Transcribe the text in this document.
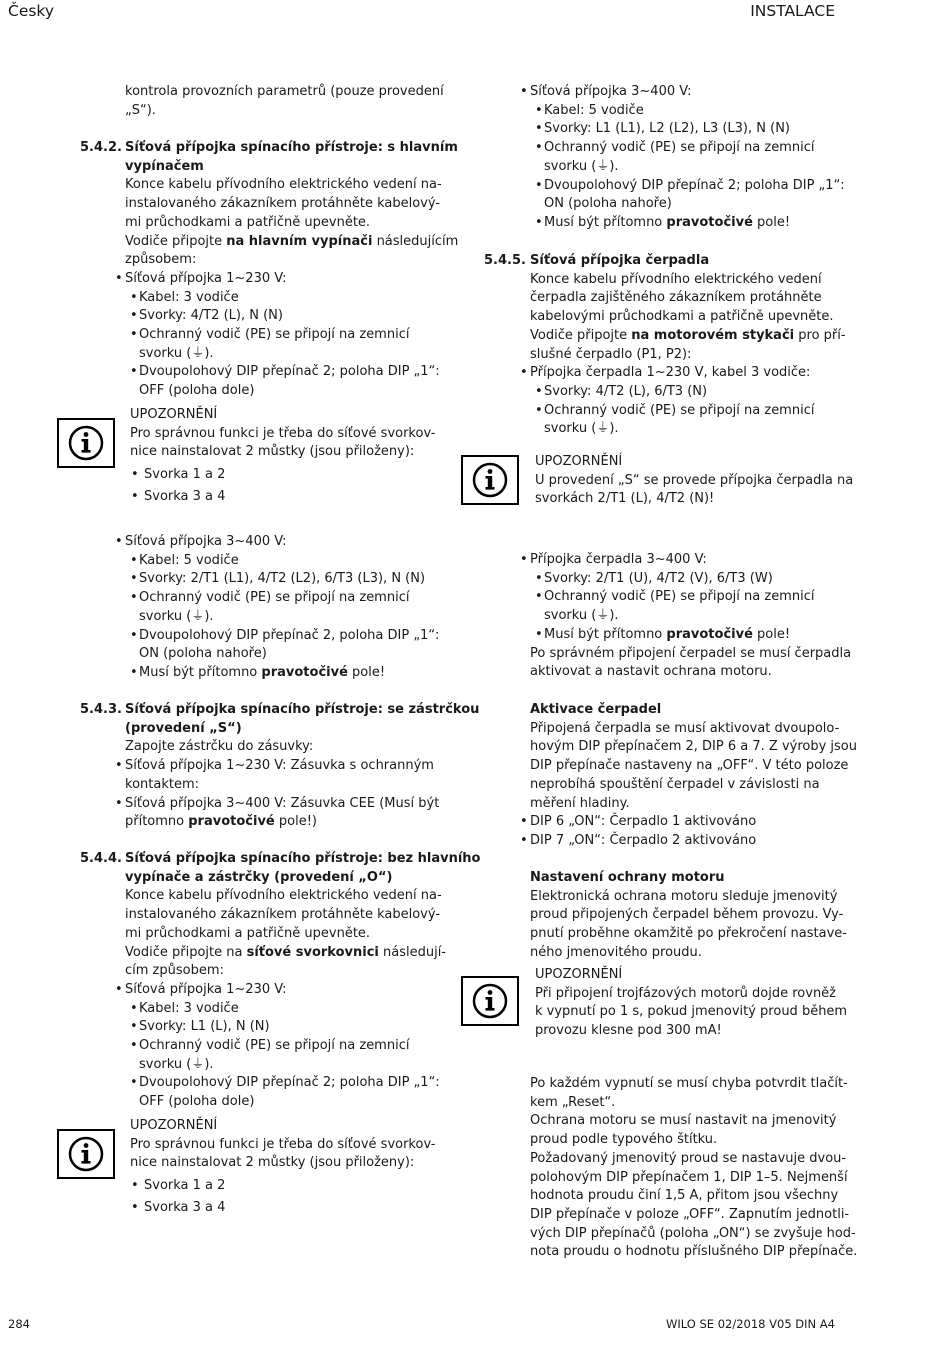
Česky	INSTALACE
284	WILO SE 02/2018 V05 DIN A4
kontrola provozních parametrů (pouze provedení
„S“).
5.4.2. Síťová přípojka spínacího přístroje: s hlavním
vypínačem
Konce kabelu přívodního elektrického vedení na-
instalovaného zákazníkem protáhněte kabelový-
mi průchodkami a patřičně upevněte.
Vodiče připojte na hlavním vypínači následujícím
způsobem:
• Síťová přípojka 1~230 V:
• Kabel: 3 vodiče
• Svorky: 4/T2 (L), N (N)
• Ochranný vodič (PE) se připojí na zemnicí
svorku (⏚).
• Dvoupolohový DIP přepínač 2; poloha DIP „1“:
OFF (poloha dole)
UPOZORNĚNÍ
Pro správnou funkci je třeba do síťové svorkov-
nice nainstalovat 2 můstky (jsou přiloženy):
• Svorka 1 a 2
• Svorka 3 a 4
• Síťová přípojka 3~400 V:
• Kabel: 5 vodiče
• Svorky: 2/T1 (L1), 4/T2 (L2), 6/T3 (L3), N (N)
• Ochranný vodič (PE) se připojí na zemnicí
svorku (⏚).
• Dvoupolohový DIP přepínač 2, poloha DIP „1“:
ON (poloha nahoře)
• Musí být přítomno pravotočivé pole!
5.4.3. Síťová přípojka spínacího přístroje: se zástrčkou
(provedení „S“)
Zapojte zástrčku do zásuvky:
• Síťová přípojka 1~230 V: Zásuvka s ochranným
kontaktem:
• Síťová přípojka 3~400 V: Zásuvka CEE (Musí být
přítomno pravotočivé pole!)
5.4.4. Síťová přípojka spínacího přístroje: bez hlavního
vypínače a zástrčky (provedení „O“)
Konce kabelu přívodního elektrického vedení na-
instalovaného zákazníkem protáhněte kabelový-
mi průchodkami a patřičně upevněte.
Vodiče připojte na síťové svorkovnici následují-
cím způsobem:
• Síťová přípojka 1~230 V:
• Kabel: 3 vodiče
• Svorky: L1 (L), N (N)
• Ochranný vodič (PE) se připojí na zemnicí
svorku (⏚).
• Dvoupolohový DIP přepínač 2; poloha DIP „1“:
OFF (poloha dole)
UPOZORNĚNÍ
Pro správnou funkci je třeba do síťové svorkov-
nice nainstalovat 2 můstky (jsou přiloženy):
• Svorka 1 a 2
• Svorka 3 a 4
• Síťová přípojka 3~400 V:
• Kabel: 5 vodiče
• Svorky: L1 (L1), L2 (L2), L3 (L3), N (N)
• Ochranný vodič (PE) se připojí na zemnicí
svorku (⏚).
• Dvoupolohový DIP přepínač 2; poloha DIP „1“:
ON (poloha nahoře)
• Musí být přítomno pravotočivé pole!
5.4.5. Síťová přípojka čerpadla
Konce kabelu přívodního elektrického vedení
čerpadla zajištěného zákazníkem protáhněte
kabelovými průchodkami a patřičně upevněte.
Vodiče připojte na motorovém stykači pro pří-
slušné čerpadlo (P1, P2):
• Přípojka čerpadla 1~230 V, kabel 3 vodiče:
• Svorky: 4/T2 (L), 6/T3 (N)
• Ochranný vodič (PE) se připojí na zemnicí
svorku (⏚).
UPOZORNĚNÍ
U provedení „S“ se provede přípojka čerpadla na
svorkách 2/T1 (L), 4/T2 (N)!
• Přípojka čerpadla 3~400 V:
• Svorky: 2/T1 (U), 4/T2 (V), 6/T3 (W)
• Ochranný vodič (PE) se připojí na zemnicí
svorku (⏚).
• Musí být přítomno pravotočivé pole!
Po správném připojení čerpadel se musí čerpadla
aktivovat a nastavit ochrana motoru.
Aktivace čerpadel
Připojená čerpadla se musí aktivovat dvoupolo-
hovým DIP přepínačem 2, DIP 6 a 7. Z výroby jsou
DIP přepínače nastaveny na „OFF“. V této poloze
neprobíhá spouštění čerpadel v závislosti na
měření hladiny.
• DIP 6 „ON“: Čerpadlo 1 aktivováno
• DIP 7 „ON“: Čerpadlo 2 aktivováno
Nastavení ochrany motoru
Elektronická ochrana motoru sleduje jmenovitý
proud připojených čerpadel během provozu. Vy-
pnutí proběhne okamžitě po překročení nastave-
ného jmenovitého proudu.
UPOZORNĚNÍ
Při připojení trojfázových motorů dojde rovněž
k vypnutí po 1 s, pokud jmenovitý proud během
provozu klesne pod 300 mA!
Po každém vypnutí se musí chyba potvrdit tlačít-
kem „Reset“.
Ochrana motoru se musí nastavit na jmenovitý
proud podle typového štítku.
Požadovaný jmenovitý proud se nastavuje dvou-
polohovým DIP přepínačem 1, DIP 1–5. Nejmenší
hodnota proudu činí 1,5 A, přitom jsou všechny
DIP přepínače v poloze „OFF“. Zapnutím jednotli-
vých DIP přepínačů (poloha „ON“) se zvyšuje hod-
nota proudu o hodnotu příslušného DIP přepínače.
